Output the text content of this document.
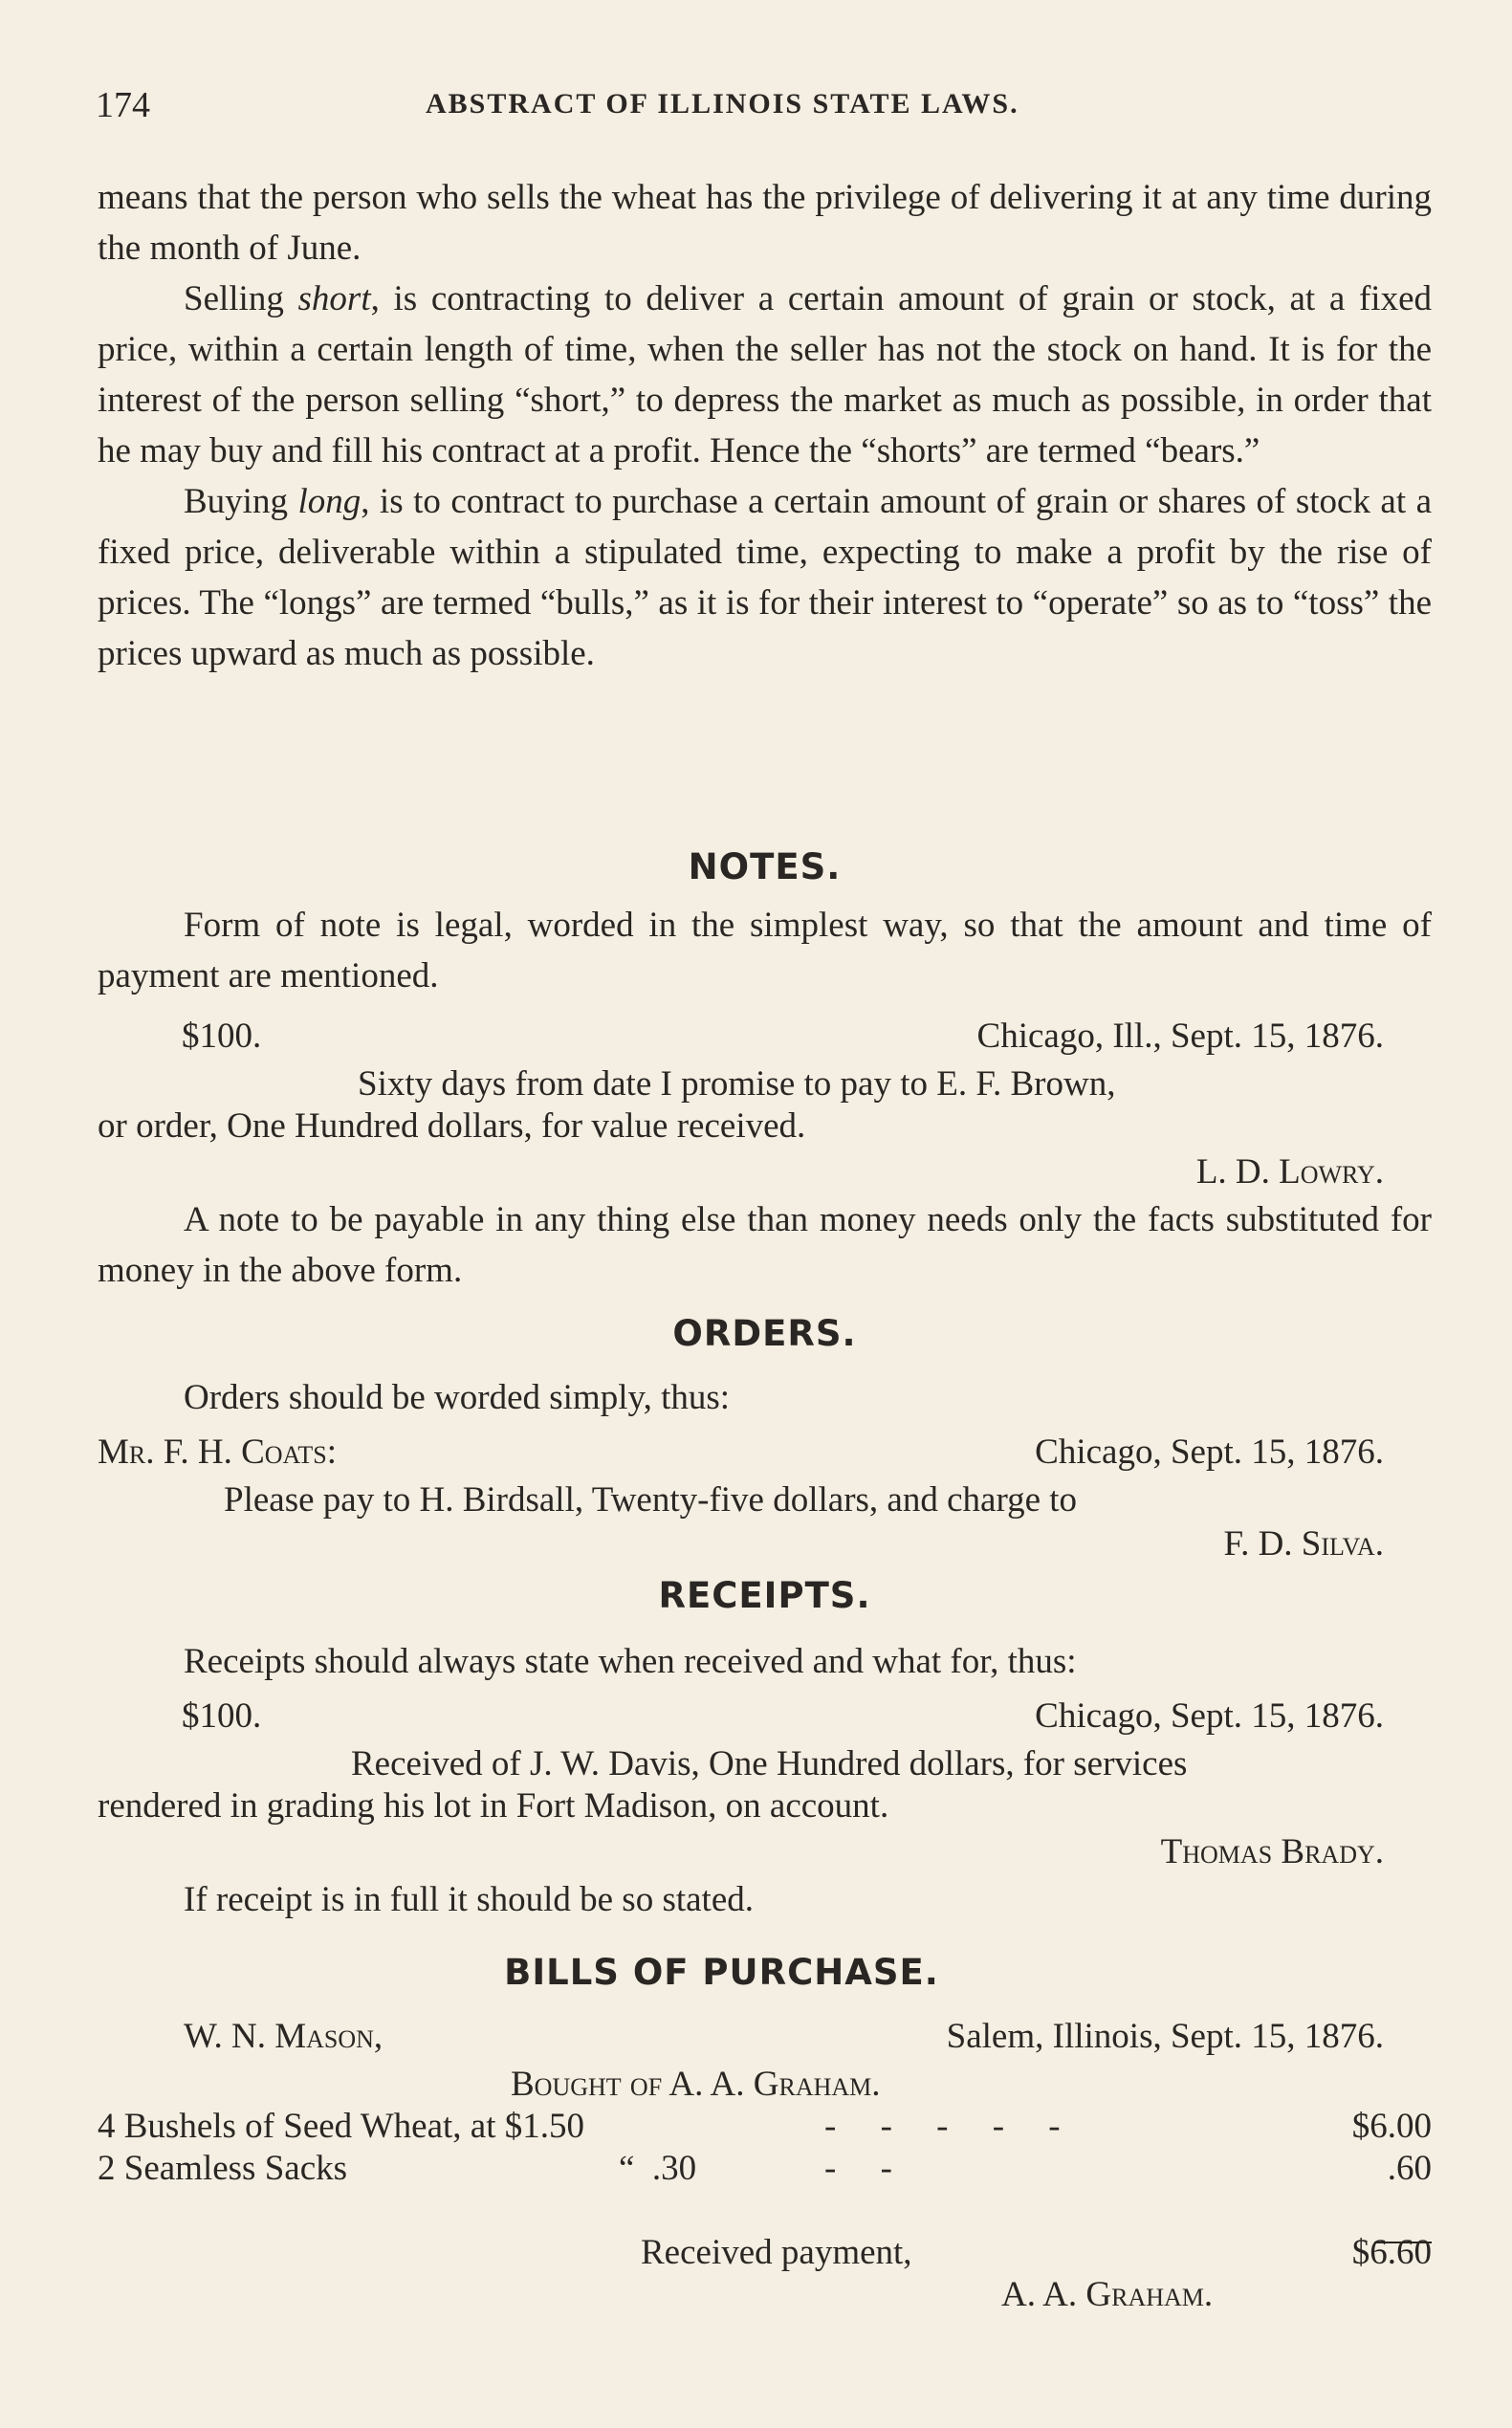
174	ABSTRACT OF ILLINOIS STATE LAWS.

means that the person who sells the wheat has the privilege of delivering it at any time during the month of June.

Selling short, is contracting to deliver a certain amount of grain or stock, at a fixed price, within a certain length of time, when the seller has not the stock on hand. It is for the interest of the person selling “short,” to depress the market as much as possible, in order that he may buy and fill his contract at a profit. Hence the “shorts” are termed “bears.”

Buying long, is to contract to purchase a certain amount of grain or shares of stock at a fixed price, deliverable within a stipulated time, expecting to make a profit by the rise of prices. The “longs” are termed “bulls,” as it is for their interest to “operate” so as to “toss” the prices upward as much as possible.

NOTES.

Form of note is legal, worded in the simplest way, so that the amount and time of payment are mentioned.

$100.	Chicago, Ill., Sept. 15, 1876.
Sixty days from date I promise to pay to E. F. Brown,
or order, One Hundred dollars, for value received.
L. D. Lowry.

A note to be payable in any thing else than money needs only the facts substituted for money in the above form.

ORDERS.

Orders should be worded simply, thus:

Mr. F. H. Coats:	Chicago, Sept. 15, 1876.
Please pay to H. Birdsall, Twenty-five dollars, and charge to
F. D. Silva.

RECEIPTS.

Receipts should always state when received and what for, thus:

$100.	Chicago, Sept. 15, 1876.
Received of J. W. Davis, One Hundred dollars, for services
rendered in grading his lot in Fort Madison, on account.
Thomas Brady.

If receipt is in full it should be so stated.

BILLS OF PURCHASE.

W. N. Mason,	Salem, Illinois, Sept. 15, 1876.
Bought of A. A. Graham.
4 Bushels of Seed Wheat, at $1.50	-     -     -     -     -	$6.00
2 Seamless Sacks	“  .30	-     -	.60
Received payment,	$6.60
A. A. Graham.
